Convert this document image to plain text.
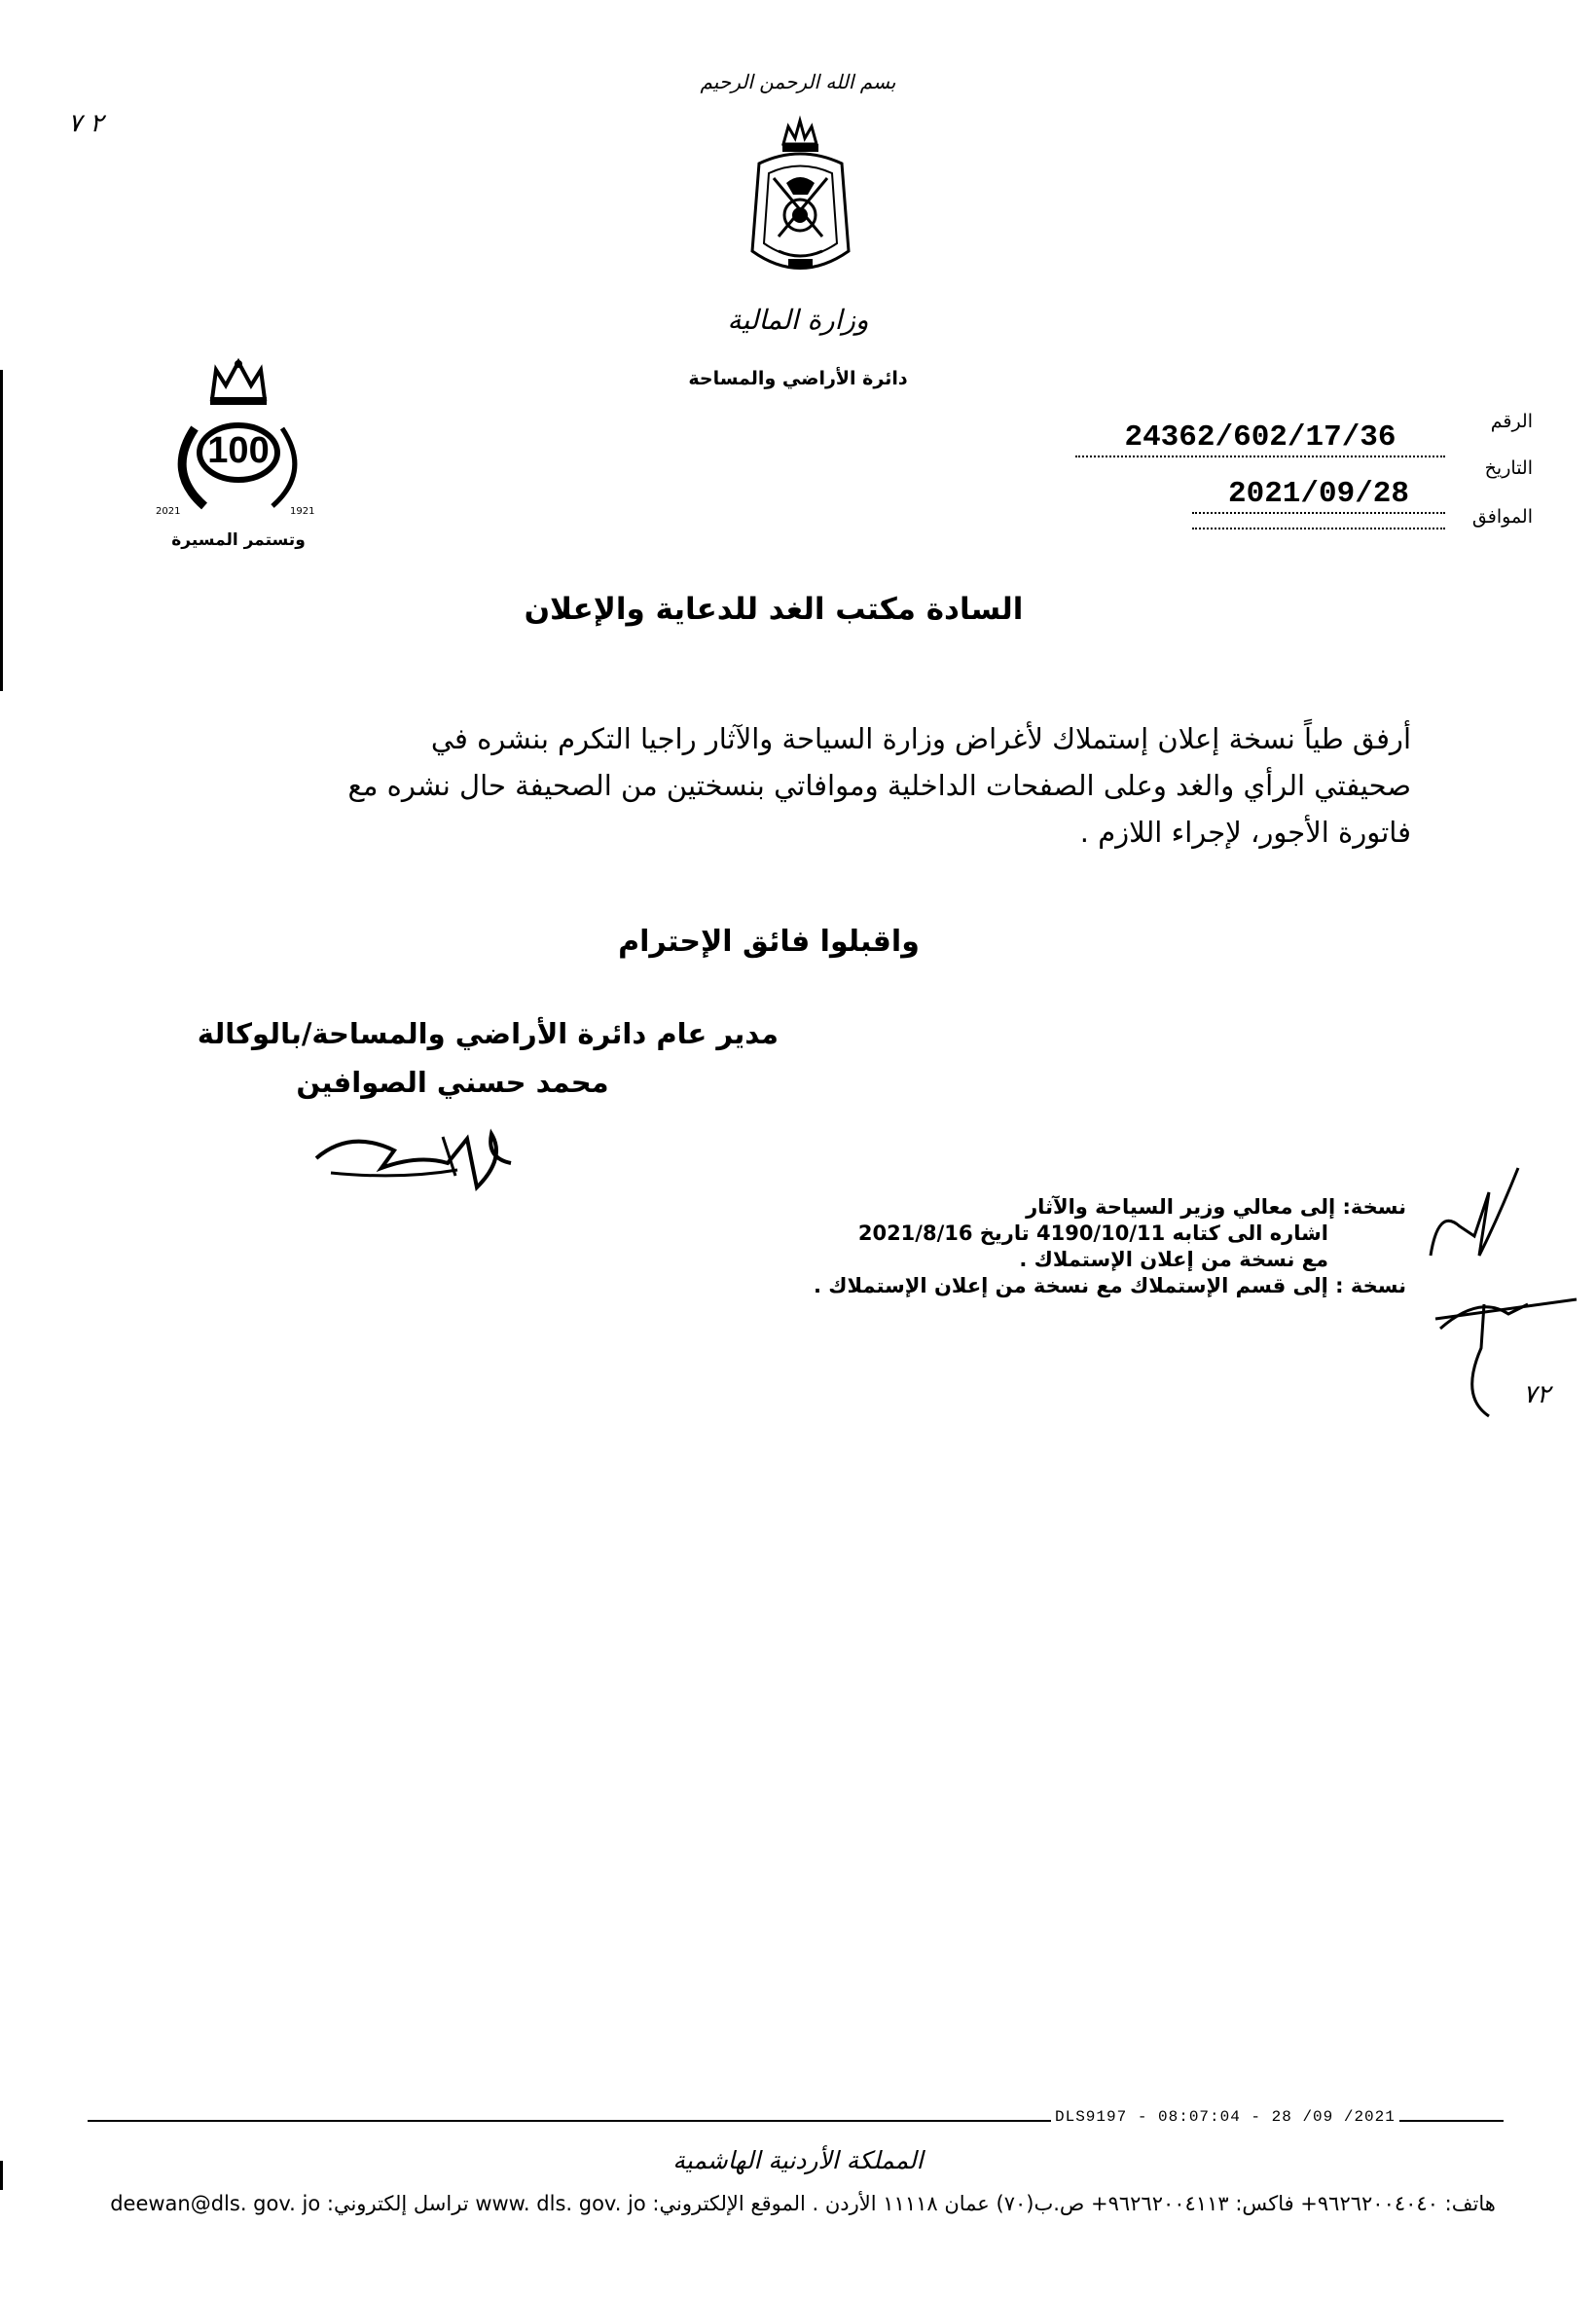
بسم الله الرحمن الرحيم
وزارة المالية
دائرة الأراضي والمساحة
100
2021	1921
وتستمر المسيرة
الرقم
24362/602/17/36
التاريخ
2021/09/28
الموافق
السادة مكتب الغد للدعاية والإعلان
أرفق طياً نسخة إعلان إستملاك لأغراض وزارة السياحة والآثار راجيا التكرم بنشره في
صحيفتي الرأي والغد وعلى الصفحات الداخلية وموافاتي بنسختين من الصحيفة حال نشره مع
فاتورة الأجور، لإجراء اللازم .
واقبلوا فائق الإحترام
مدير عام دائرة الأراضي والمساحة/بالوكالة
محمد حسني الصوافين
نسخة: إلى معالي وزير السياحة والآثار
اشاره الى كتابه 4190/10/11 تاريخ 2021/8/16
مع نسخة من إعلان الإستملاك .
نسخة : إلى قسم الإستملاك مع نسخة من إعلان الإستملاك .
٢ ٧
٧٢
DLS9197 - 08:07:04 - 28 /09 /2021
المملكة الأردنية الهاشمية
هاتف: ٩٦٢٦٢٠٠٤٠٤٠+ فاكس: ٩٦٢٦٢٠٠٤١١٣+ ص.ب(٧٠) عمان ١١١١٨ الأردن . الموقع الإلكتروني: www. dls. gov. jo تراسل إلكتروني: deewan@dls. gov. jo
